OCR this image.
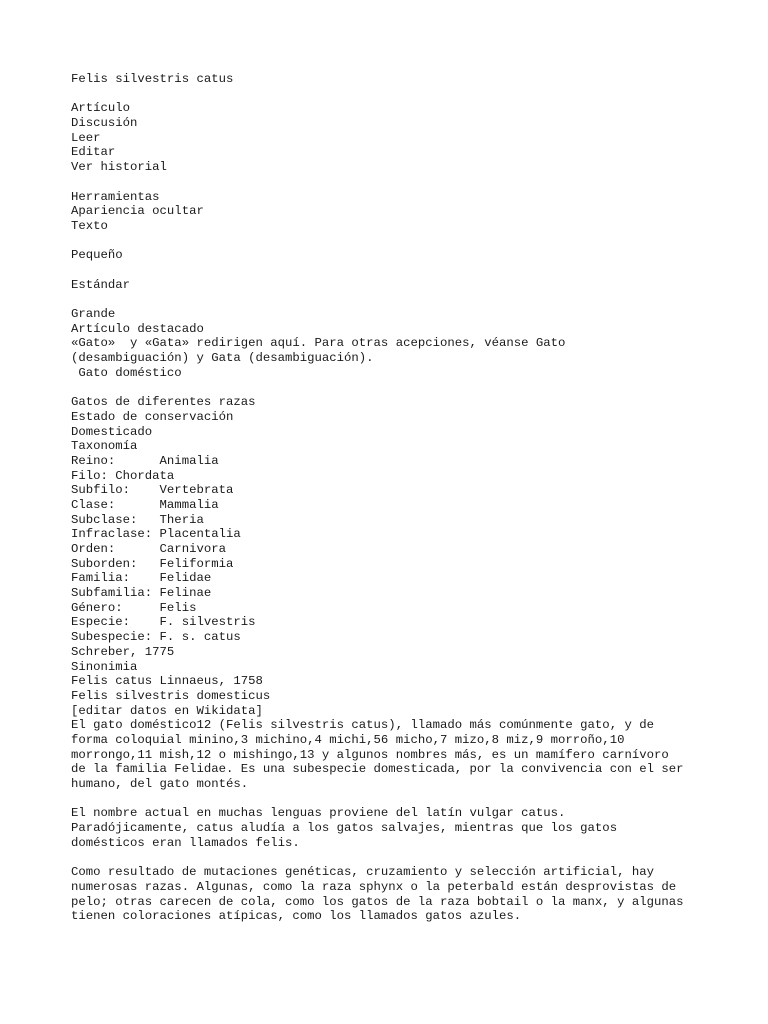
Felis silvestris catus
Artículo
Discusión
Leer
Editar
Ver historial
Herramientas
Apariencia ocultar
Texto
Pequeño
Estándar
Grande
Artículo destacado
«Gato»  y «Gata» redirigen aquí. Para otras acepciones, véanse Gato
(desambiguación) y Gata (desambiguación).
Gato doméstico
Gatos de diferentes razas
Estado de conservación
Domesticado
Taxonomía
Reino:      Animalia
Filo: Chordata
Subfilo:    Vertebrata
Clase:      Mammalia
Subclase:   Theria
Infraclase: Placentalia
Orden:      Carnivora
Suborden:   Feliformia
Familia:    Felidae
Subfamilia: Felinae
Género:     Felis
Especie:    F. silvestris
Subespecie: F. s. catus
Schreber, 1775
Sinonimia
Felis catus Linnaeus, 1758
Felis silvestris domesticus
[editar datos en Wikidata]
El gato doméstico12 (Felis silvestris catus), llamado más comúnmente gato, y de
forma coloquial minino,3 michino,4 michi,56 micho,7 mizo,8 miz,9 morroño,10
morrongo,11 mish,12 o mishingo,13 y algunos nombres más, es un mamífero carnívoro
de la familia Felidae. Es una subespecie domesticada, por la convivencia con el ser
humano, del gato montés.
El nombre actual en muchas lenguas proviene del latín vulgar catus.
Paradójicamente, catus aludía a los gatos salvajes, mientras que los gatos
domésticos eran llamados felis.
Como resultado de mutaciones genéticas, cruzamiento y selección artificial, hay
numerosas razas. Algunas, como la raza sphynx o la peterbald están desprovistas de
pelo; otras carecen de cola, como los gatos de la raza bobtail o la manx, y algunas
tienen coloraciones atípicas, como los llamados gatos azules.
